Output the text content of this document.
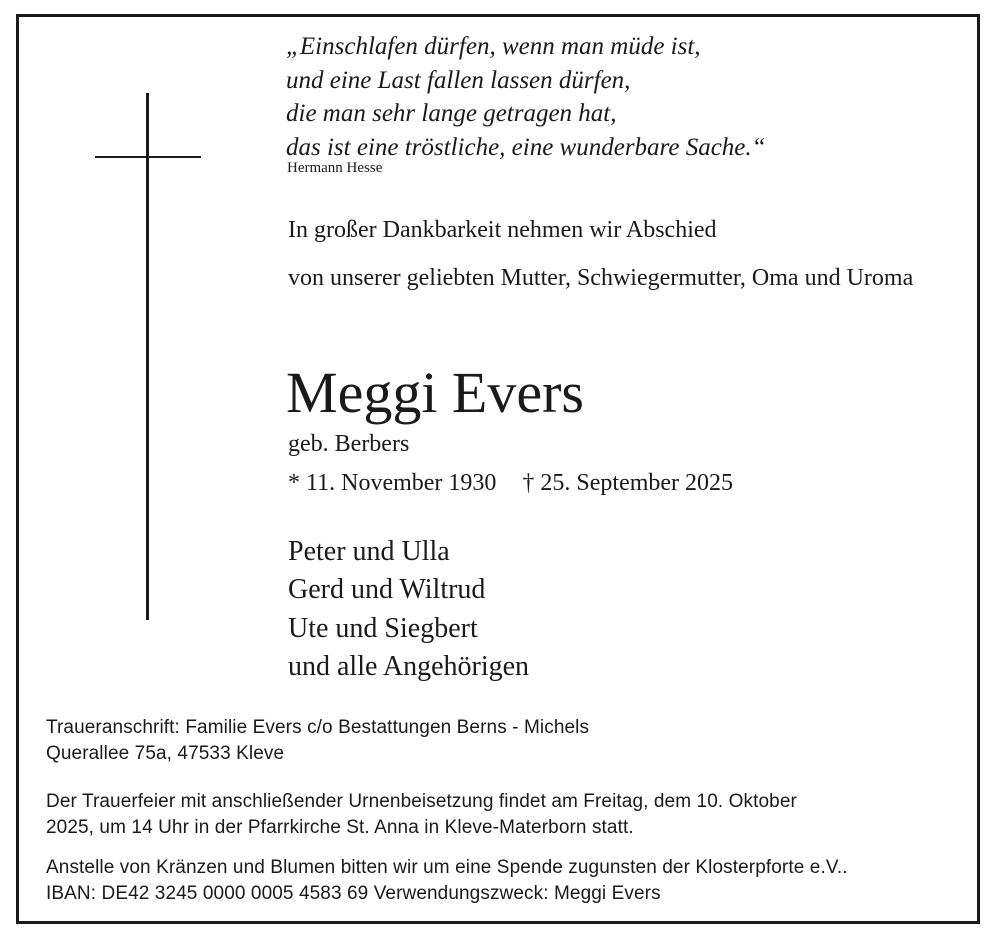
„Einschlafen dürfen, wenn man müde ist,
und eine Last fallen lassen dürfen,
die man sehr lange getragen hat,
das ist eine tröstliche, eine wunderbare Sache.“
Hermann Hesse
In großer Dankbarkeit nehmen wir Abschied
von unserer geliebten Mutter, Schwiegermutter, Oma und Uroma
Meggi Evers
geb. Berbers
* 11. November 1930 † 25. September 2025
Peter und Ulla
Gerd und Wiltrud
Ute und Siegbert
und alle Angehörigen
Traueranschrift: Familie Evers c/o Bestattungen Berns - Michels
Querallee 75a, 47533 Kleve
Der Trauerfeier mit anschließender Urnenbeisetzung findet am Freitag, dem 10. Oktober
2025, um 14 Uhr in der Pfarrkirche St. Anna in Kleve-Materborn statt.
Anstelle von Kränzen und Blumen bitten wir um eine Spende zugunsten der Klosterpforte e.V..
IBAN: DE42 3245 0000 0005 4583 69 Verwendungszweck: Meggi Evers
